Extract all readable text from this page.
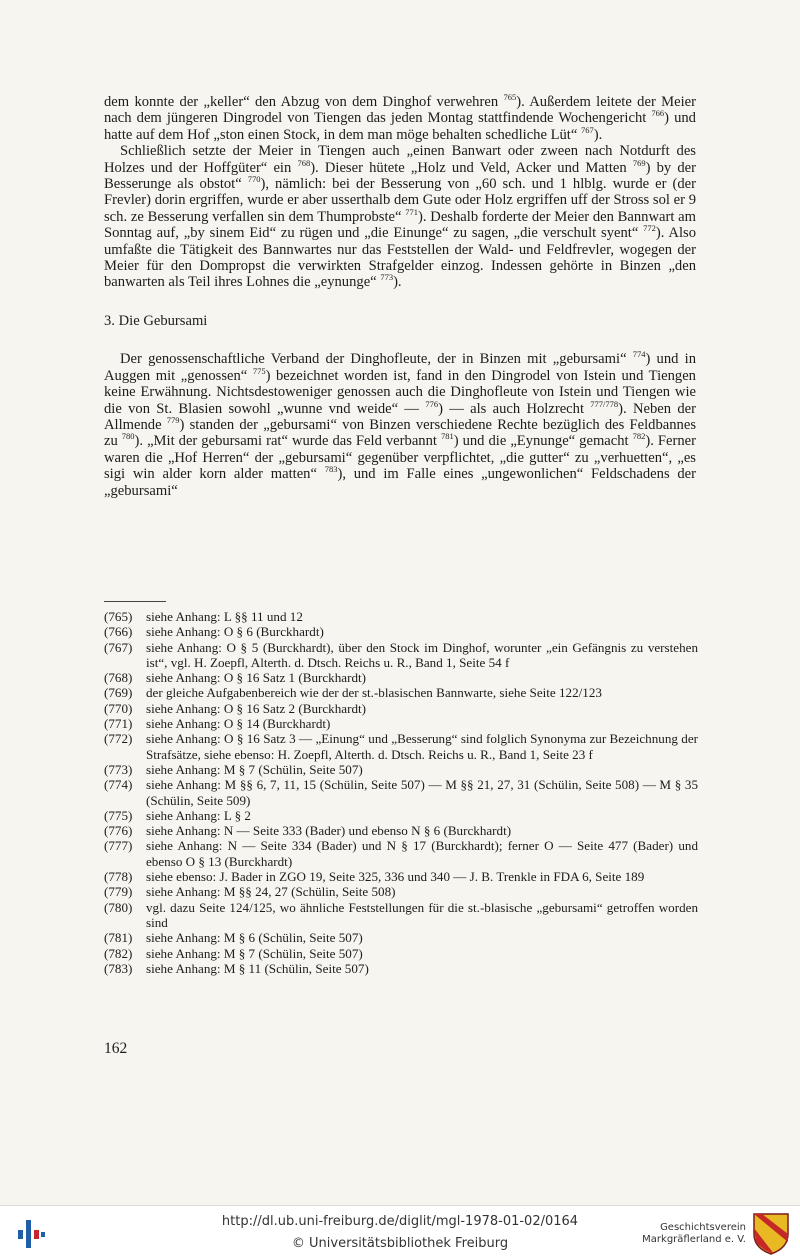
dem konnte der „keller“ den Abzug von dem Dinghof verwehren $^{765}$). Außerdem leitete der Meier nach dem jüngeren Dingrodel von Tiengen das jeden Montag stattfindende Wochengericht $^{766}$) und hatte auf dem Hof „ston einen Stock, in dem man möge behalten schedliche Lüt“ $^{767}$).

Schließlich setzte der Meier in Tiengen auch „einen Banwart oder zween nach Notdurft des Holzes und der Hoffgüter“ ein $^{768}$). Dieser hütete „Holz und Veld, Acker und Matten $^{769}$) by der Besserunge als obstot“ $^{770}$), nämlich: bei der Besserung von „60 sch. und 1 hlblg. wurde er (der Frevler) dorin ergriffen, wurde er aber usserthalb dem Gute oder Holz ergriffen uff der Stross sol er 9 sch. ze Besserung verfallen sin dem Thumprobste“ $^{771}$). Deshalb forderte der Meier den Bannwart am Sonntag auf, „by sinem Eid“ zu rügen und „die Einunge“ zu sagen, „die verschult syent“ $^{772}$). Also umfaßte die Tätigkeit des Bannwartes nur das Feststellen der Wald- und Feldfrevler, wogegen der Meier für den Dompropst die verwirkten Strafgelder einzog. Indessen gehörte in Binzen „den banwarten als Teil ihres Lohnes die „eynunge“ $^{773}$).

3. Die Gebursami

Der genossenschaftliche Verband der Dinghofleute, der in Binzen mit „gebursami“ $^{774}$) und in Auggen mit „genossen“ $^{775}$) bezeichnet worden ist, fand in den Dingrodel von Istein und Tiengen keine Erwähnung. Nichtsdestoweniger genossen auch die Dinghofleute von Istein und Tiengen wie die von St. Blasien sowohl „wunne vnd weide“ — $^{776}$) — als auch Holzrecht $^{777/778}$). Neben der Allmende $^{779}$) standen der „gebursami“ von Binzen verschiedene Rechte bezüglich des Feldbannes zu $^{780}$). „Mit der gebursami rat“ wurde das Feld verbannt $^{781}$) und die „Eynunge“ gemacht $^{782}$). Ferner waren die „Hof Herren“ der „gebursami“ gegenüber verpflichtet, „die gutter“ zu „verhuetten“, „es sigi win alder korn alder matten“ $^{783}$), und im Falle eines „ungewonlichen“ Feldschadens der „gebursami“

(765)	siehe Anhang: L §§ 11 und 12
(766)	siehe Anhang: O § 6 (Burckhardt)
(767)	siehe Anhang: O § 5 (Burckhardt), über den Stock im Dinghof, worunter „ein Gefängnis zu verstehen ist“, vgl. H. Zoepfl, Alterth. d. Dtsch. Reichs u. R., Band 1, Seite 54 f
(768)	siehe Anhang: O § 16 Satz 1 (Burckhardt)
(769)	der gleiche Aufgabenbereich wie der der st.-blasischen Bannwarte, siehe Seite 122/123
(770)	siehe Anhang: O § 16 Satz 2 (Burckhardt)
(771)	siehe Anhang: O § 14 (Burckhardt)
(772)	siehe Anhang: O § 16 Satz 3 — „Einung“ und „Besserung“ sind folglich Synonyma zur Bezeichnung der Strafsätze, siehe ebenso: H. Zoepfl, Alterth. d. Dtsch. Reichs u. R., Band 1, Seite 23 f
(773)	siehe Anhang: M § 7 (Schülin, Seite 507)
(774)	siehe Anhang: M §§ 6, 7, 11, 15 (Schülin, Seite 507) — M §§ 21, 27, 31 (Schülin, Seite 508) — M § 35 (Schülin, Seite 509)
(775)	siehe Anhang: L § 2
(776)	siehe Anhang: N — Seite 333 (Bader) und ebenso N § 6 (Burckhardt)
(777)	siehe Anhang: N — Seite 334 (Bader) und N § 17 (Burckhardt); ferner O — Seite 477 (Bader) und ebenso O § 13 (Burckhardt)
(778)	siehe ebenso: J. Bader in ZGO 19, Seite 325, 336 und 340 — J. B. Trenkle in FDA 6, Seite 189
(779)	siehe Anhang: M §§ 24, 27 (Schülin, Seite 508)
(780)	vgl. dazu Seite 124/125, wo ähnliche Feststellungen für die st.-blasische „gebursami“ getroffen worden sind
(781)	siehe Anhang: M § 6 (Schülin, Seite 507)
(782)	siehe Anhang: M § 7 (Schülin, Seite 507)
(783)	siehe Anhang: M § 11 (Schülin, Seite 507)
162
http://dl.ub.uni-freiburg.de/diglit/mgl-1978-01-02/0164
© Universitätsbibliothek Freiburg
Geschichtsverein
Markgräflerland e. V.
